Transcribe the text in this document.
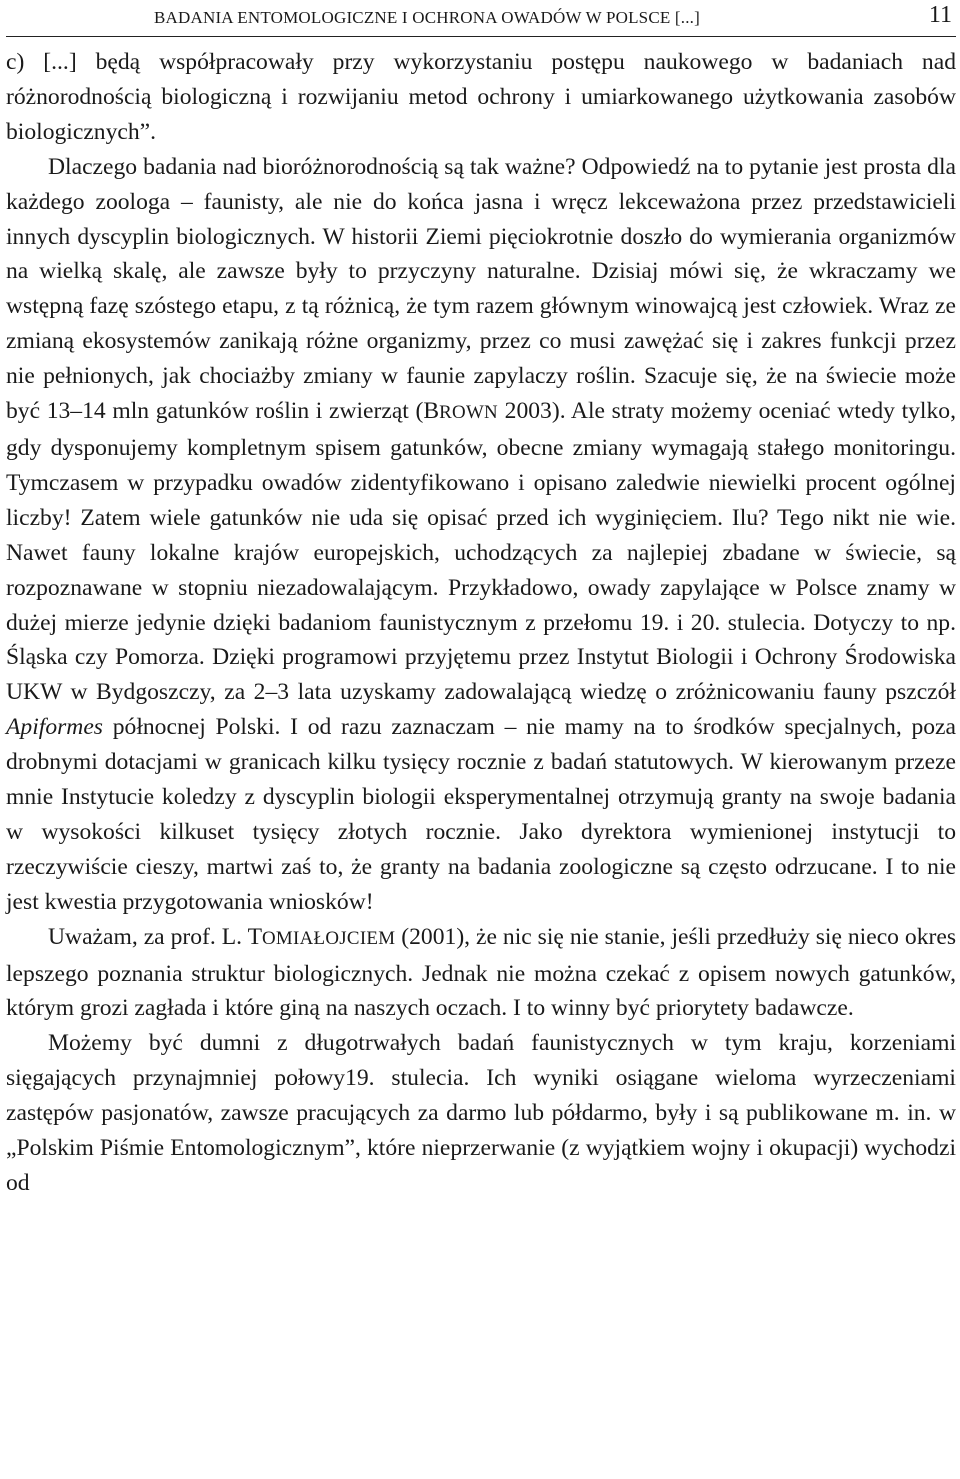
BADANIA ENTOMOLOGICZNE I OCHRONA OWADÓW W POLSCE [...]	11

c) [...] będą współpracowały przy wykorzystaniu postępu naukowego w badaniach nad różnorodnością biologiczną i rozwijaniu metod ochrony i umiarkowanego użytkowania zasobów biologicznych”.

Dlaczego badania nad bioróżnorodnością są tak ważne? Odpowiedź na to pytanie jest prosta dla każdego zoologa – faunisty, ale nie do końca jasna i wręcz lekceważona przez przedstawicieli innych dyscyplin biologicznych. W historii Ziemi pięciokrotnie doszło do wymierania organizmów na wielką skalę, ale zawsze były to przyczyny naturalne. Dzisiaj mówi się, że wkraczamy we wstępną fazę szóstego etapu, z tą różnicą, że tym razem głównym winowajcą jest człowiek. Wraz ze zmianą ekosystemów zanikają różne organizmy, przez co musi zawężać się i zakres funkcji przez nie pełnionych, jak chociażby zmiany w faunie zapylaczy roślin. Szacuje się, że na świecie może być 13–14 mln gatunków roślin i zwierząt (BROWN 2003). Ale straty możemy oceniać wtedy tylko, gdy dysponujemy kompletnym spisem gatunków, obecne zmiany wymagają stałego monitoringu. Tymczasem w przypadku owadów zidentyfikowano i opisano zaledwie niewielki procent ogólnej liczby! Zatem wiele gatunków nie uda się opisać przed ich wyginięciem. Ilu? Tego nikt nie wie. Nawet fauny lokalne krajów europejskich, uchodzących za najlepiej zbadane w świecie, są rozpoznawane w stopniu niezadowalającym. Przykładowo, owady zapylające w Polsce znamy w dużej mierze jedynie dzięki badaniom faunistycznym z przełomu 19. i 20. stulecia. Dotyczy to np. Śląska czy Pomorza. Dzięki programowi przyjętemu przez Instytut Biologii i Ochrony Środowiska UKW w Bydgoszczy, za 2–3 lata uzyskamy zadowalającą wiedzę o zróżnicowaniu fauny pszczół Apiformes północnej Polski. I od razu zaznaczam – nie mamy na to środków specjalnych, poza drobnymi dotacjami w granicach kilku tysięcy rocznie z badań statutowych. W kierowanym przeze mnie Instytucie koledzy z dyscyplin biologii eksperymentalnej otrzymują granty na swoje badania w wysokości kilkuset tysięcy złotych rocznie. Jako dyrektora wymienionej instytucji to rzeczywiście cieszy, martwi zaś to, że granty na badania zoologiczne są często odrzucane. I to nie jest kwestia przygotowania wniosków!

Uważam, za prof. L. TOMIAŁOJCIEM (2001), że nic się nie stanie, jeśli przedłuży się nieco okres lepszego poznania struktur biologicznych. Jednak nie można czekać z opisem nowych gatunków, którym grozi zagłada i które giną na naszych oczach. I to winny być priorytety badawcze.

Możemy być dumni z długotrwałych badań faunistycznych w tym kraju, korzeniami sięgających przynajmniej połowy19. stulecia. Ich wyniki osiągane wieloma wyrzeczeniami zastępów pasjonatów, zawsze pracujących za darmo lub półdarmo, były i są publikowane m. in. w „Polskim Piśmie Entomologicznym”, które nieprzerwanie (z wyjątkiem wojny i okupacji) wychodzi od
